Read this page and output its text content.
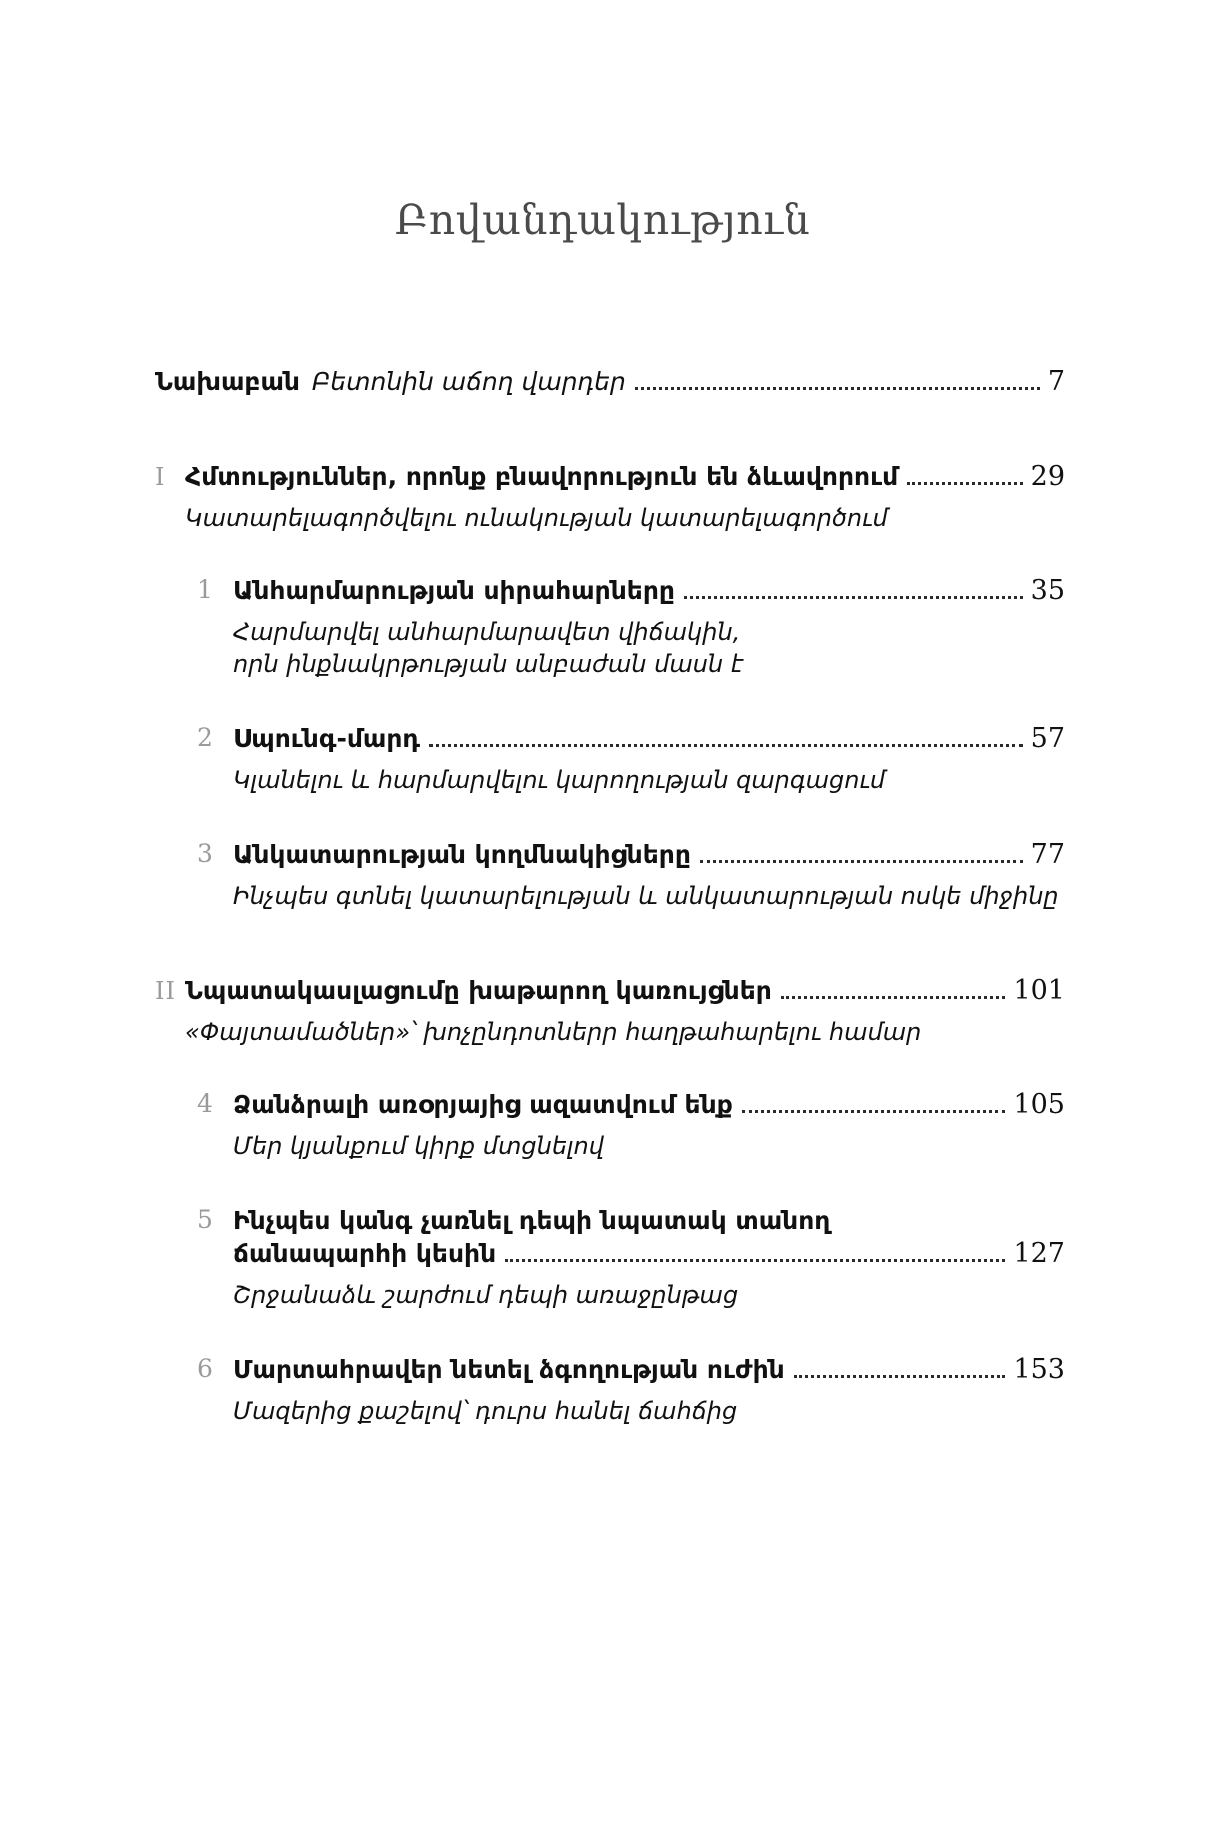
Բովանդակություն
Նախաբան Բետոնին աճող վարդեր	7
I Հմտություններ, որոնք բնավորություն են ձևավորում	29
Կատարելագործվելու ունակության կատարելագործում
1 Անհարմարության սիրահարները	35
Հարմարվել անհարմարավետ վիճակին,
որն ինքնակրթության անբաժան մասն է
2 Սպունգ-մարդ	57
Կլանելու և հարմարվելու կարողության զարգացում
3 Անկատարության կողմնակիցները	77
Ինչպես գտնել կատարելության և անկատարության ոսկե միջինը
II Նպատակասլացումը խաթարող կառույցներ	101
«Փայտամածներ»՝ խոչընդոտներր հաղթահարելու համար
4 Ձանձրալի առօրյայից ազատվում ենք	105
Մեր կյանքում կիրք մտցնելով
5 Ինչպես կանգ չառնել դեպի նպատակ տանող
ճանապարհի կեսին	127
Շրջանաձև շարժում դեպի առաջընթաց
6 Մարտահրավեր նետել ձգողության ուժին	153
Մազերից քաշելով՝ դուրս հանել ճահճից
